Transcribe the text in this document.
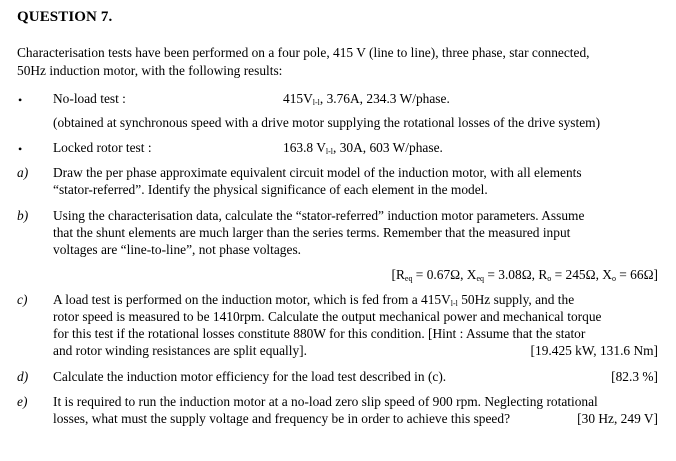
QUESTION 7.
Characterisation tests have been performed on a four pole, 415 V (line to line), three phase, star connected,
50Hz induction motor, with the following results:
• No-load test :	$415V_{l-l}$, 3.76A, 234.3 W/phase.
(obtained at synchronous speed with a drive motor supplying the rotational losses of the drive system)
• Locked rotor test :	163.8 $V_{l-l}$, 30A, 603 W/phase.
a) Draw the per phase approximate equivalent circuit model of the induction motor, with all elements
“stator-referred”. Identify the physical significance of each element in the model.
b) Using the characterisation data, calculate the “stator-referred” induction motor parameters. Assume
that the shunt elements are much larger than the series terms. Remember that the measured input
voltages are “line-to-line”, not phase voltages.
[$R_{eq} = 0.67\Omega$, $X_{eq} = 3.08\Omega$, $R_o = 245\Omega$, $X_o = 66\Omega$]
c) A load test is performed on the induction motor, which is fed from a $415V_{l-l}$ 50Hz supply, and the
rotor speed is measured to be 1410rpm. Calculate the output mechanical power and mechanical torque
for this test if the rotational losses constitute 880W for this condition. [Hint : Assume that the stator
and rotor winding resistances are split equally].	[19.425 kW, 131.6 Nm]
d) Calculate the induction motor efficiency for the load test described in (c).	[82.3 %]
e) It is required to run the induction motor at a no-load zero slip speed of 900 rpm. Neglecting rotational
losses, what must the supply voltage and frequency be in order to achieve this speed?	[30 Hz, 249 V]
